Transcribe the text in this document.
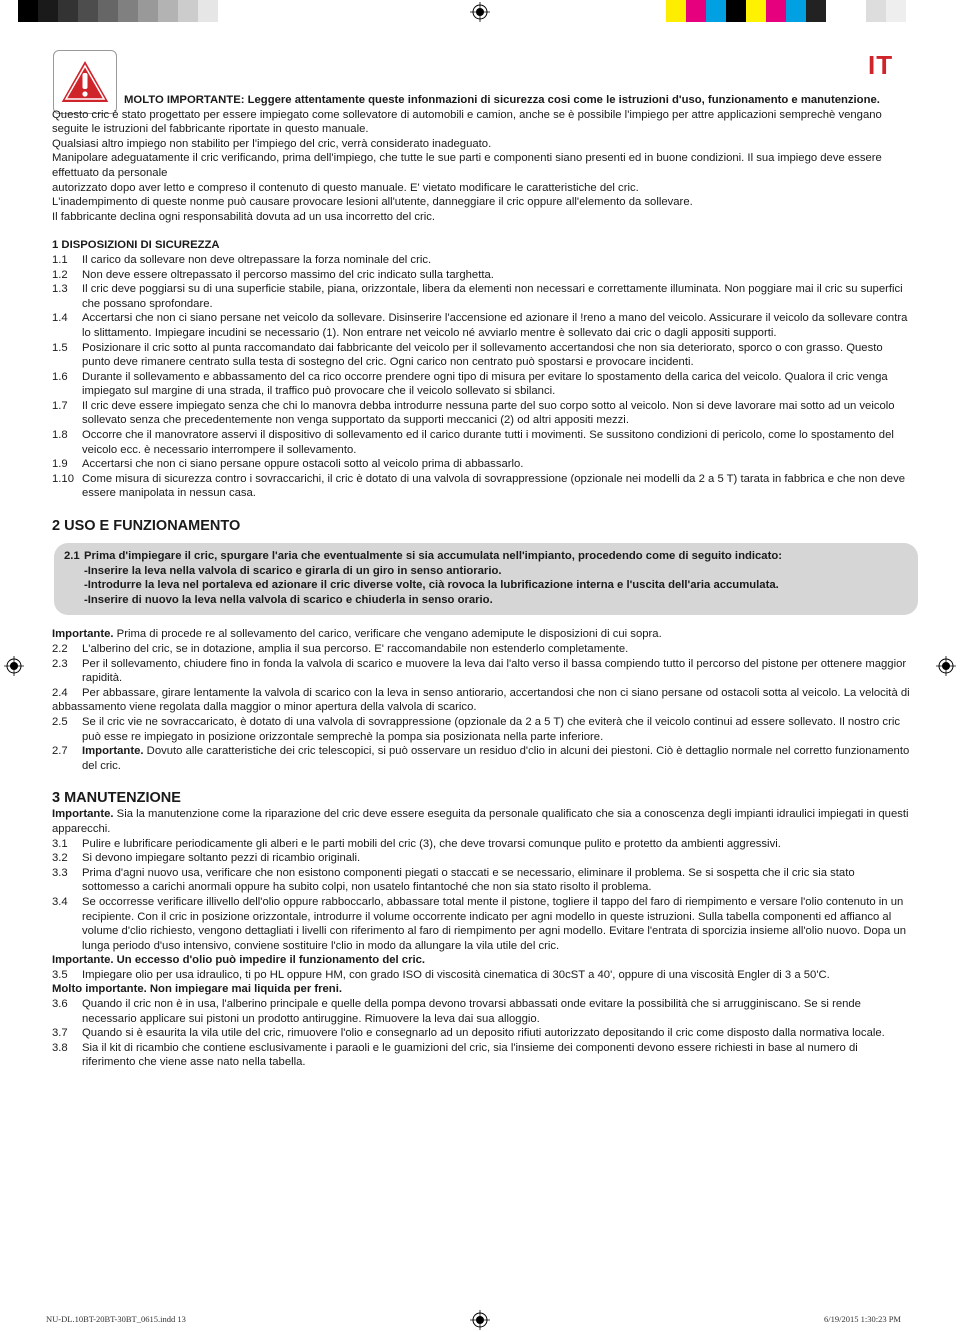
IT

MOLTO IMPORTANTE: Leggere attentamente queste infonmazioni di sicurezza cosi come le istruzioni d'uso, funzionamento e manutenzione.

Questo cric è stato progettato per essere impiegato come sollevatore di automobili e camion, anche se è possibile l'impiego per attre applicazioni semprechè vengano seguite le istruzioni del fabbricante riportate in questo manuale.

Qualsiasi altro impiego non stabilito per l'impiego del cric, verrà considerato inadeguato.

Manipolare adeguatamente il cric verificando, prima dell'impiego, che tutte le sue parti e componenti siano presenti ed in buone condizioni. Il sua impiego deve essere effettuato da personale

autorizzato dopo aver letto e compreso il contenuto di questo manuale. E' vietato modificare le caratteristiche del cric.

L'inadempimento di queste nonme può causare provocare lesioni all'utente, danneggiare il cric oppure all'elemento da sollevare.

Il fabbricante declina ogni responsabilità dovuta ad un usa incorretto del cric.

1 DISPOSIZIONI DI SICUREZZA

1.1	Il carico da sollevare non deve oltrepassare la forza nominale del cric.
1.2	Non deve essere oltrepassato il percorso massimo del cric indicato sulla targhetta.
1.3	Il cric deve poggiarsi su di una superficie stabile, piana, orizzontale, libera da elementi non necessari e correttamente illuminata. Non poggiare mai il cric su superfici che possano sprofondare.
1.4	Accertarsi che non ci siano persane net veicolo da sollevare. Disinserire l'accensione ed azionare il !reno a mano del veicolo. Assicurare il veicolo da sollevare contra lo slittamento. Impiegare incudini se necessario (1). Non entrare net veicolo né avviarlo mentre è sollevato dai cric o dagli appositi supporti.
1.5	Posizionare il cric sotto al punta raccomandato dai fabbricante del veicolo per il sollevamento accertandosi che non sia deteriorato, sporco o con grasso. Questo punto deve rimanere centrato sulla testa di sostegno del cric. Ogni carico non centrato può spostarsi e provocare incidenti.
1.6	Durante il sollevamento e abbassamento del ca rico occorre prendere ogni tipo di misura per evitare lo spostamento della carica del veicolo. Qualora il cric venga impiegato sul margine di una strada, il traffico può provocare che il veicolo sollevato si sbilanci.
1.7	Il cric deve essere impiegato senza che chi lo manovra debba introdurre nessuna parte del suo corpo sotto al veicolo. Non si deve lavorare mai sotto ad un veicolo sollevato senza che precedentemente non venga supportato da supporti meccanici (2) od altri appositi mezzi.
1.8	Occorre che il manovratore asservi il dispositivo di sollevamento ed il carico durante tutti i movimenti. Se sussitono condizioni di pericolo, come lo spostamento del veicolo ecc. è necessario interrompere il sollevamento.
1.9	Accertarsi che non ci siano persane oppure ostacoli sotto al veicolo prima di abbassarlo.
1.10 Come misura di sicurezza contro i sovraccarichi, il cric è dotato di una valvola di sovrappressione (opzionale nei modelli da 2 a 5 T) tarata in fabbrica e che non deve essere manipolata in nessun casa.
2 USO E FUNZIONAMENTO
2.1 Prima d'impiegare il cric, spurgare l'aria che eventualmente si sia accumulata nell'impianto, procedendo come di seguito indicato:

-Inserire la leva nella valvola di scarico e girarla di un giro in senso antiorario.

-Introdurre la leva nel portaleva ed azionare il cric diverse volte, cià rovoca la lubrificazione interna e l'uscita dell'aria accumulata.

-Inserire di nuovo la leva nella valvola di scarico e chiuderla in senso orario.

Importante. Prima di procede re al sollevamento del carico, verificare che vengano ademipute le disposizioni di cui sopra.

2.2	L'alberino del cric, se in dotazione, amplia il sua percorso. E' raccomandabile non estenderlo completamente.
2.3	Per il sollevamento, chiudere fino in fonda la valvola di scarico e muovere la leva dai l'alto verso il bassa compiendo tutto il percorso del pistone per ottenere maggior rapidità.
2.4	Per abbassare, girare lentamente la valvola di scarico con la leva in senso antiorario, accertandosi che non ci siano persane od ostacoli sotta al veicolo. La velocità di abbassamento viene regolata dalla maggior o minor apertura della valvola di scarico.
2.5	Se il cric vie ne sovraccaricato, è dotato di una valvola di sovrappressione (opzionale da 2 a 5 T) che eviterà che il veicolo continui ad essere sollevato. Il nostro cric può esse re impiegato in posizione orizzontale semprechè la pompa sia posizionata nella parte inferiore.
2.7	Importante. Dovuto alle caratteristiche dei cric telescopici, si può osservare un residuo d'clio in alcuni dei piestoni. Ciò è dettaglio normale nel corretto funzionamento del cric.
3 MANUTENZIONE

Importante. Sia la manutenzione come la riparazione del cric deve essere eseguita da personale qualificato che sia a conoscenza degli impianti idraulici impiegati in questi apparecchi.

3.1	Pulire e lubrificare periodicamente gli alberi e le parti mobili del cric (3), che deve trovarsi comunque pulito e protetto da ambienti aggressivi.
3.2	Si devono impiegare soltanto pezzi di ricambio originali.
3.3	Prima d'agni nuovo usa, verificare che non esistono componenti piegati o staccati e se necessario, eliminare il problema. Se si sospetta che il cric sia stato sottomesso a carichi anormali oppure ha subito colpi, non usatelo fintantoché che non sia stato risolto il problema.
3.4	Se occorresse verificare illivello dell'olio oppure rabboccarlo, abbassare total mente il pistone, togliere il tappo del faro di riempimento e versare l'olio contenuto in un recipiente. Con il cric in posizione orizzontale, introdurre il volume occorrente indicato per agni modello in queste istruzioni. Sulla tabella componenti ed affianco al volume d'clio richiesto, vengono dettagliati i livelli con riferimento al faro di riempimento per agni modello. Evitare l'entrata di sporcizia insieme all'olio nuovo. Dopa un lunga periodo d'uso intensivo, conviene sostituire l'clio in modo da allungare la vila utile del cric.

Importante. Un eccesso d'olio può impedire il funzionamento del cric.

3.5	Impiegare olio per usa idraulico, ti po HL oppure HM, con grado ISO di viscosità cinematica di 30cST a 40', oppure di una viscosità Engler di 3 a 50'C.

Molto importante. Non impiegare mai liquida per freni.

3.6	Quando il cric non è in usa, l'alberino principale e quelle della pompa devono trovarsi abbassati onde evitare la possibilità che si arrugginiscano. Se si rende necessario applicare sui pistoni un prodotto antiruggine. Rimuovere la leva dai sua alloggio.
3.7	Quando si è esaurita la vila utile del cric, rimuovere l'olio e consegnarlo ad un deposito rifiuti autorizzato depositando il cric come disposto dalla normativa locale.
3.8	Sia il kit di ricambio che contiene esclusivamente i paraoli e le guamizioni del cric, sia l'insieme dei componenti devono essere richiesti in base al numero di riferimento che viene asse nato nella tabella.
NU-DL.10BT-20BT-30BT_0615.indd 13	6/19/2015 1:30:23 PM
